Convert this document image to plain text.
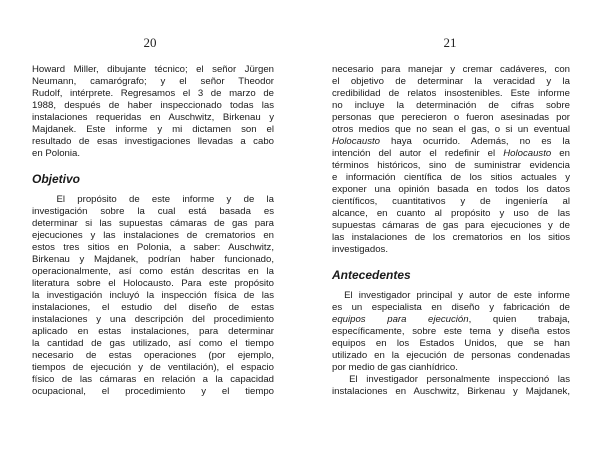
20
Howard Miller, dibujante técnico; el señor Jürgen
Neumann, camarógrafo; y el señor Theodor
Rudolf, intérprete. Regresamos el 3 de marzo de
1988, después de haber inspeccionado todas las
instalaciones requeridas en Auschwitz, Birkenau y
Majdanek. Este informe y mi dictamen son el
resultado de esas investigaciones llevadas a cabo
en Polonia.
Objetivo
El propósito de este informe y de la
investigación sobre la cual está basada es
determinar si las supuestas cámaras de gas para
ejecuciones y las instalaciones de crematorios en
estos tres sitios en Polonia, a saber: Auschwitz,
Birkenau y Majdanek, podrían haber funcionado,
operacionalmente, así como están descritas en la
literatura sobre el Holocausto. Para este propósito
la investigación incluyó la inspección física de las
instalaciones, el estudio del diseño de estas
instalaciones y una descripción del procedimiento
aplicado en estas instalaciones, para determinar
la cantidad de gas utilizado, así como el tiempo
necesario de estas operaciones (por ejemplo,
tiempos de ejecución y de ventilación), el espacio
físico de las cámaras en relación a la capacidad
ocupacional, el procedimiento y el tiempo
21
necesario para manejar y cremar cadáveres, con
el objetivo de determinar la veracidad y la
credibilidad de relatos insostenibles. Este informe
no incluye la determinación de cifras sobre
personas que perecieron o fueron asesinadas por
otros medios que no sean el gas, o si un eventual
Holocausto haya ocurrido. Además, no es la
intención del autor el redefinir el Holocausto en
términos históricos, sino de suministrar evidencia
e información científica de los sitios actuales y
exponer una opinión basada en todos los datos
científicos, cuantitativos y de ingeniería al
alcance, en cuanto al propósito y uso de las
supuestas cámaras de gas para ejecuciones y de
las instalaciones de los crematorios en los sitios
investigados.
Antecedentes
El investigador principal y autor de este informe
es un especialista en diseño y fabricación de
equipos para ejecución, quien trabaja,
específicamente, sobre este tema y diseña estos
equipos en los Estados Unidos, que se han
utilizado en la ejecución de personas condenadas
por medio de gas cianhídrico.
El investigador personalmente inspeccionó las
instalaciones en Auschwitz, Birkenau y Majdanek,
